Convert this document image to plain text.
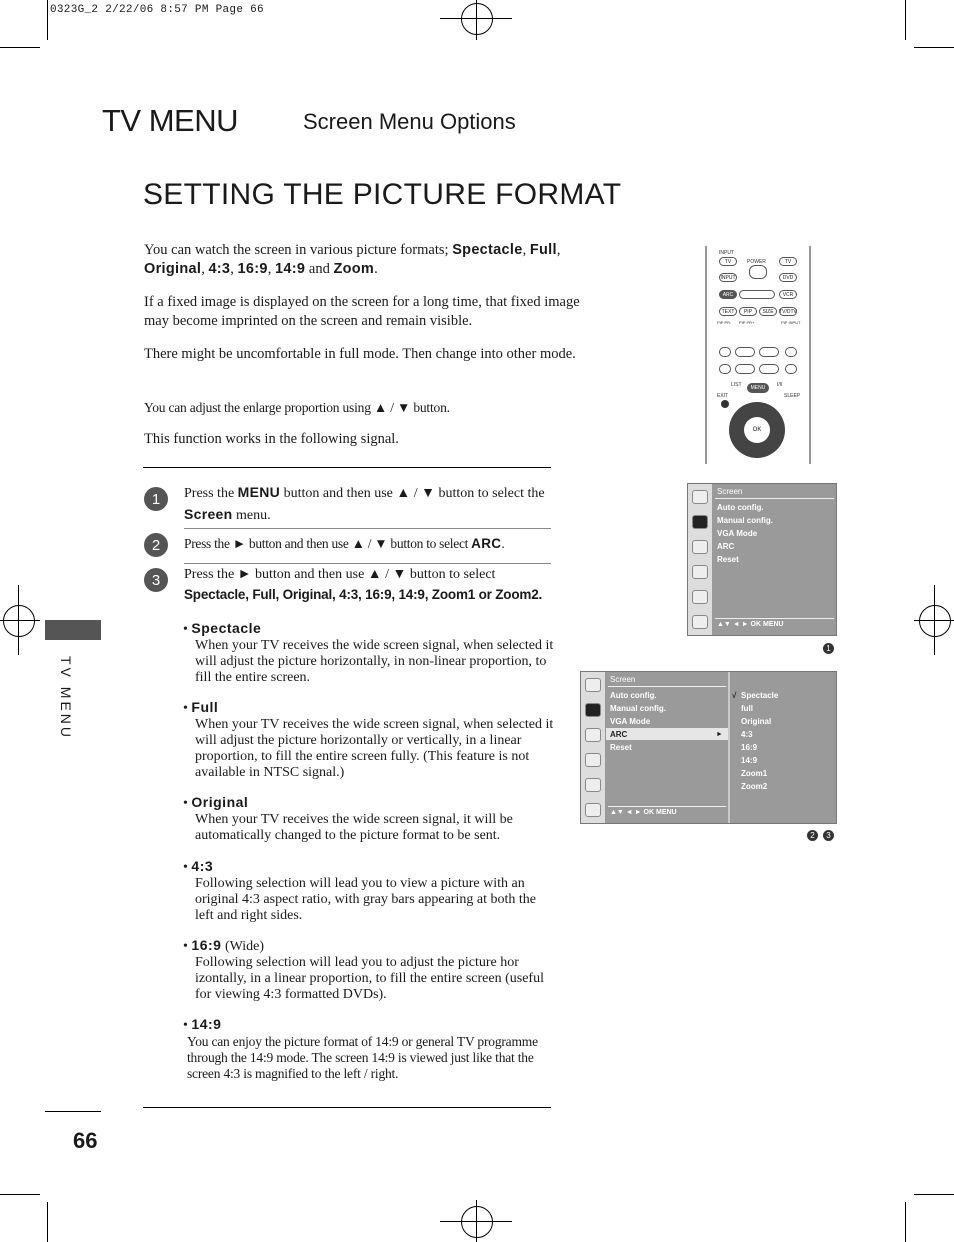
0323G_2 2/22/06 8:57 PM Page 66
TV MENU	Screen Menu Options
SETTING THE PICTURE FORMAT
You can watch the screen in various picture formats; Spectacle, Full, Original, 4:3, 16:9, 14:9 and Zoom.
If a fixed image is displayed on the screen for a long time, that fixed image may become imprinted on the screen and remain visible.
There might be uncomfortable in full mode. Then change into other mode.
You can adjust the enlarge proportion using ▲ / ▼ button.
This function works in the following signal.
1	Press the MENU button and then use ▲ / ▼ button to select the Screen menu.
2	Press the ► button and then use ▲ / ▼ button to select ARC.
3	Press the ► button and then use ▲ / ▼ button to select
Spectacle, Full, Original, 4:3, 16:9, 14:9, Zoom1 or Zoom2.
• Spectacle
When your TV receives the wide screen signal, when selected it will adjust the picture horizontally, in non-linear proportion, to fill the entire screen.
• Full
When your TV receives the wide screen signal, when selected it will adjust the picture horizontally or vertically, in a linear proportion, to fill the entire screen fully. (This feature is not available in NTSC signal.)
• Original
When your TV receives the wide screen signal, it will be automatically changed to the picture format to be sent.
• 4:3
Following selection will lead you to view a picture with an original 4:3 aspect ratio, with gray bars appearing at both the left and right sides.
• 16:9 (Wide)
Following selection will lead you to adjust the picture hor izontally, in a linear proportion, to fill the entire screen (useful for viewing 4:3 formatted DVDs).
• 14:9
You can enjoy the picture format of 14:9 or general TV programme through the 14:9 mode. The screen 14:9 is viewed just like that the screen 4:3 is magnified to the left / right.
TV MENU
66
INPUT
TV	POWER	TV
INPUT	DVD
ARC	VCR
TEXT	PIP	SIZE	TV/DTV
PIP PR- PIP PR+	PIP INPUT
LIST	I/II
MENU
EXIT	SLEEP
OK
Screen
Auto config.
Manual config.
VGA Mode
ARC
Reset
▲▼ ◄ ► OK MENU
1
Screen
Auto config.
Manual config.
VGA Mode
ARC	►
Reset
▲▼ ◄ ► OK MENU
√ Spectacle
full
Original
4:3
16:9
14:9
Zoom1
Zoom2
2	3
